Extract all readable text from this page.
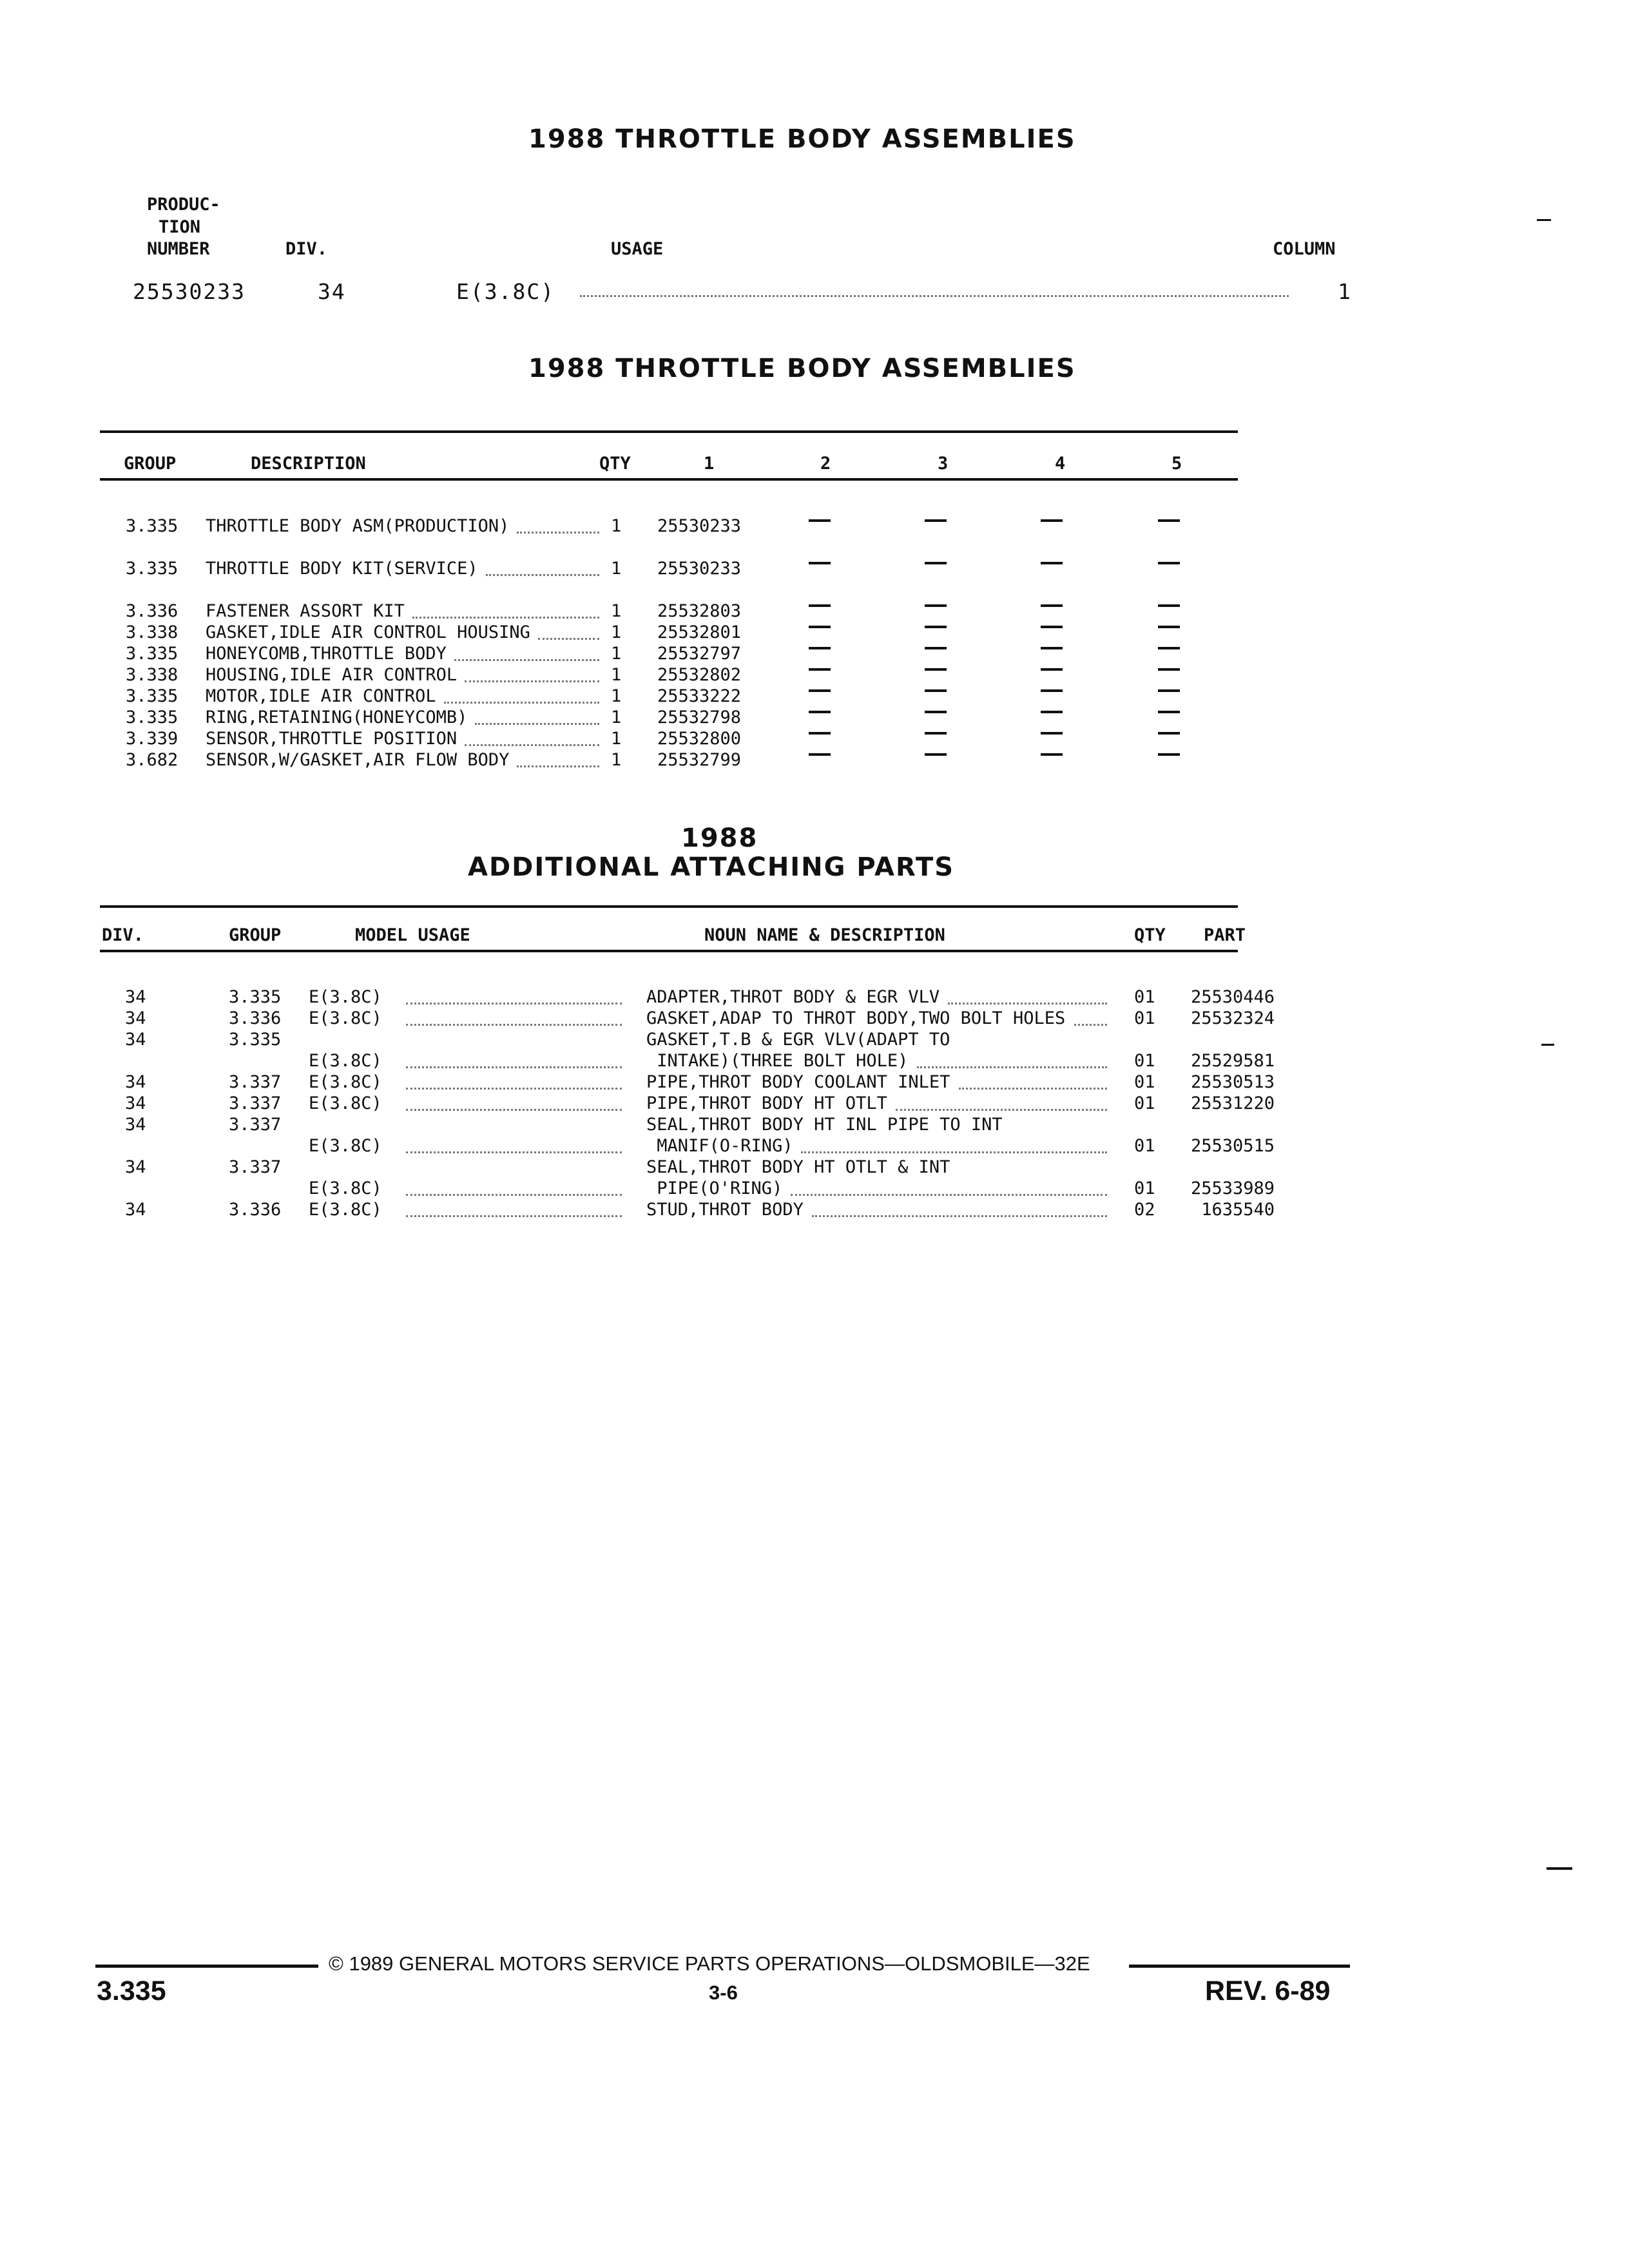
1988 THROTTLE BODY ASSEMBLIES
PRODUC-
TION
NUMBER	DIV.	USAGE	COLUMN
25530233	34	E(3.8C)	1
1988 THROTTLE BODY ASSEMBLIES
GROUP	DESCRIPTION	QTY	1	2	3	4	5
3.335 THROTTLE BODY ASM(PRODUCTION)	1 25530233
3.335 THROTTLE BODY KIT(SERVICE)	1 25530233
3.336 FASTENER ASSORT KIT	1 25532803
3.338 GASKET,IDLE AIR CONTROL HOUSING	1 25532801
3.335 HONEYCOMB,THROTTLE BODY	1 25532797
3.338 HOUSING,IDLE AIR CONTROL	1 25532802
3.335 MOTOR,IDLE AIR CONTROL	1 25533222
3.335 RING,RETAINING(HONEYCOMB)	1 25532798
3.339 SENSOR,THROTTLE POSITION	1 25532800
3.682 SENSOR,W/GASKET,AIR FLOW BODY	1 25532799
1988
ADDITIONAL ATTACHING PARTS
DIV.	GROUP	MODEL USAGE	NOUN NAME & DESCRIPTION	QTY PART
34	3.335 E(3.8C)	ADAPTER,THROT BODY & EGR VLV	01 25530446
34	3.336 E(3.8C)	GASKET,ADAP TO THROT BODY,TWO BOLT HOLES	01 25532324
34	3.335	GASKET,T.B & EGR VLV(ADAPT TO
E(3.8C)	INTAKE)(THREE BOLT HOLE)	01 25529581
34	3.337 E(3.8C)	PIPE,THROT BODY COOLANT INLET	01 25530513
34	3.337 E(3.8C)	PIPE,THROT BODY HT OTLT	01 25531220
34	3.337	SEAL,THROT BODY HT INL PIPE TO INT
E(3.8C)	MANIF(O-RING)	01 25530515
34	3.337	SEAL,THROT BODY HT OTLT & INT
E(3.8C)	PIPE(O'RING)	01 25533989
34	3.336 E(3.8C)	STUD,THROT BODY	02	1635540
© 1989 GENERAL MOTORS SERVICE PARTS OPERATIONS—OLDSMOBILE—32E
3.335	3-6	REV. 6-89
